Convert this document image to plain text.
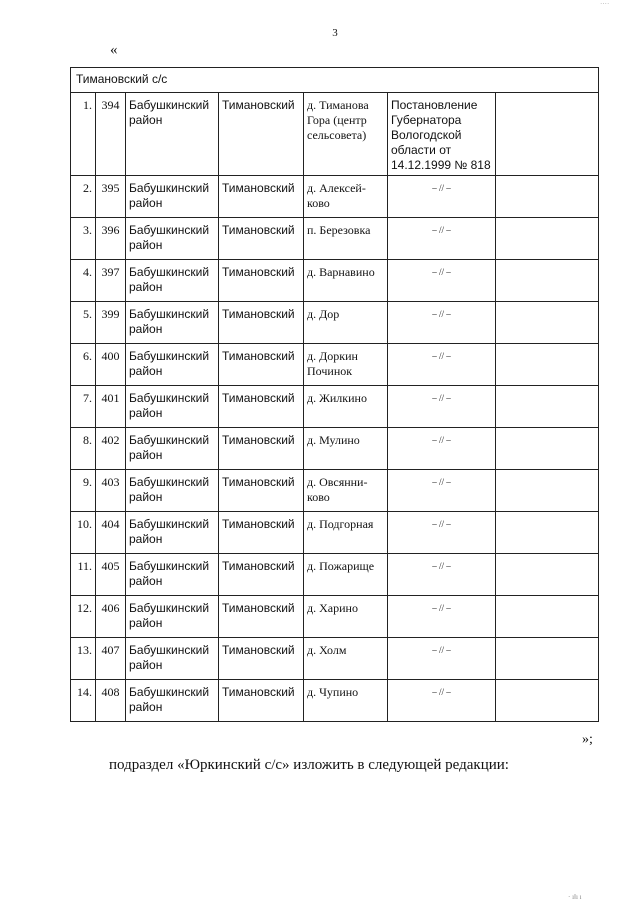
····
3
«
Тимановский с/с						
1.	394	Бабушкинский район	Тимановский	д. Тиманова Гора (центр сельсовета)	Постановление Губернатора Вологодской области от 14.12.1999 № 818	
2.	395	Бабушкинский район	Тимановский	д. Алексей-ково	– // –	
3.	396	Бабушкинский район	Тимановский	п. Березовка	– // –	
4.	397	Бабушкинский район	Тимановский	д. Варнавино	– // –	
5.	399	Бабушкинский район	Тимановский	д. Дор	– // –	
6.	400	Бабушкинский район	Тимановский	д. Доркин Починок	– // –	
7.	401	Бабушкинский район	Тимановский	д. Жилкино	– // –	
8.	402	Бабушкинский район	Тимановский	д. Мулино	– // –	
9.	403	Бабушкинский район	Тимановский	д. Овсянни-ково	– // –	
10.	404	Бабушкинский район	Тимановский	д. Подгорная	– // –	
11.	405	Бабушкинский район	Тимановский	д. Пожарище	– // –	
12.	406	Бабушкинский район	Тимановский	д. Харино	– // –	
13.	407	Бабушкинский район	Тимановский	д. Холм	– // –	
14.	408	Бабушкинский район	Тимановский	д. Чупино	– // –	
»;
подраздел «Юркинский с/с» изложить в следующей редакции:
· ıǁı ı
